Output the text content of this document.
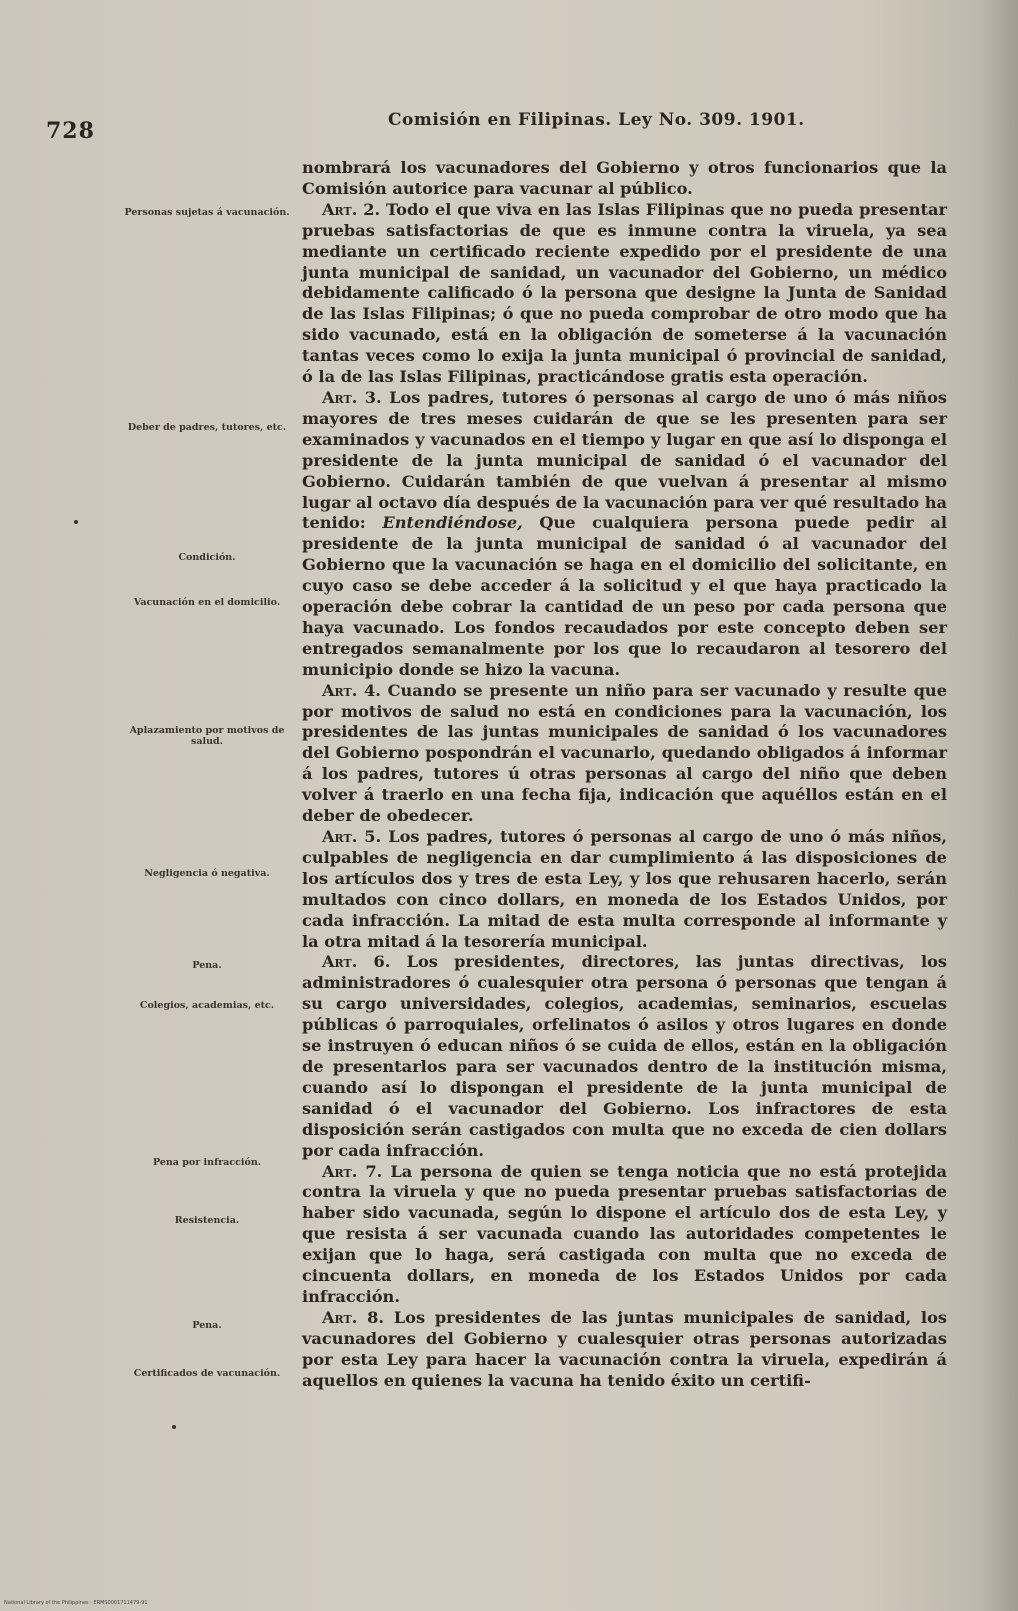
728	Comisión en Filipinas. Ley No. 309. 1901.
Personas sujetas á vacunación.
Deber de padres, tutores, etc.
Condición.
Vacunación en el domicilio.
Aplazamiento por motivos de salud.
Negligencia ó negativa.
Pena.
Colegios, academias, etc.
Pena por infracción.
Resistencia.
Pena.
Certificados de vacunación.

nombrará los vacunadores del Gobierno y otros funcionarios que la Comisión autorice para vacunar al público.

Art. 2. Todo el que viva en las Islas Filipinas que no pueda presentar pruebas satisfactorias de que es inmune contra la viruela, ya sea mediante un certificado reciente expedido por el presidente de una junta municipal de sanidad, un vacunador del Gobierno, un médico debidamente calificado ó la persona que designe la Junta de Sanidad de las Islas Filipinas; ó que no pueda comprobar de otro modo que ha sido vacunado, está en la obligación de someterse á la vacunación tantas veces como lo exija la junta municipal ó provincial de sanidad, ó la de las Islas Filipinas, practicándose gratis esta operación.

Art. 3. Los padres, tutores ó personas al cargo de uno ó más niños mayores de tres meses cuidarán de que se les presenten para ser examinados y vacunados en el tiempo y lugar en que así lo disponga el presidente de la junta municipal de sanidad ó el vacunador del Gobierno. Cuidarán también de que vuelvan á presentar al mismo lugar al octavo día después de la vacunación para ver qué resultado ha tenido: Entendiéndose, Que cualquiera persona puede pedir al presidente de la junta municipal de sanidad ó al vacunador del Gobierno que la vacunación se haga en el domicilio del solicitante, en cuyo caso se debe acceder á la solicitud y el que haya practicado la operación debe cobrar la cantidad de un peso por cada persona que haya vacunado. Los fondos recaudados por este concepto deben ser entregados semanalmente por los que lo recaudaron al tesorero del municipio donde se hizo la vacuna.

Art. 4. Cuando se presente un niño para ser vacunado y resulte que por motivos de salud no está en condiciones para la vacunación, los presidentes de las juntas municipales de sanidad ó los vacunadores del Gobierno pospondrán el vacunarlo, quedando obligados á informar á los padres, tutores ú otras personas al cargo del niño que deben volver á traerlo en una fecha fija, indicación que aquéllos están en el deber de obedecer.

Art. 5. Los padres, tutores ó personas al cargo de uno ó más niños, culpables de negligencia en dar cumplimiento á las disposiciones de los artículos dos y tres de esta Ley, y los que rehusaren hacerlo, serán multados con cinco dollars, en moneda de los Estados Unidos, por cada infracción. La mitad de esta multa corresponde al informante y la otra mitad á la tesorería municipal.

Art. 6. Los presidentes, directores, las juntas directivas, los administradores ó cualesquier otra persona ó personas que tengan á su cargo universidades, colegios, academias, seminarios, escuelas públicas ó parroquiales, orfelinatos ó asilos y otros lugares en donde se instruyen ó educan niños ó se cuida de ellos, están en la obligación de presentarlos para ser vacunados dentro de la institución misma, cuando así lo dispongan el presidente de la junta municipal de sanidad ó el vacunador del Gobierno. Los infractores de esta disposición serán castigados con multa que no exceda de cien dollars por cada infracción.

Art. 7. La persona de quien se tenga noticia que no está protejida contra la viruela y que no pueda presentar pruebas satisfactorias de haber sido vacunada, según lo dispone el artículo dos de esta Ley, y que resista á ser vacunada cuando las autoridades competentes le exijan que lo haga, será castigada con multa que no exceda de cincuenta dollars, en moneda de los Estados Unidos por cada infracción.

Art. 8. Los presidentes de las juntas municipales de sanidad, los vacunadores del Gobierno y cualesquier otras personas autorizadas por esta Ley para hacer la vacunación contra la viruela, expedirán á aquellos en quienes la vacuna ha tenido éxito un certifi-

National Library of the Philippines · ERMS0001711479-91
